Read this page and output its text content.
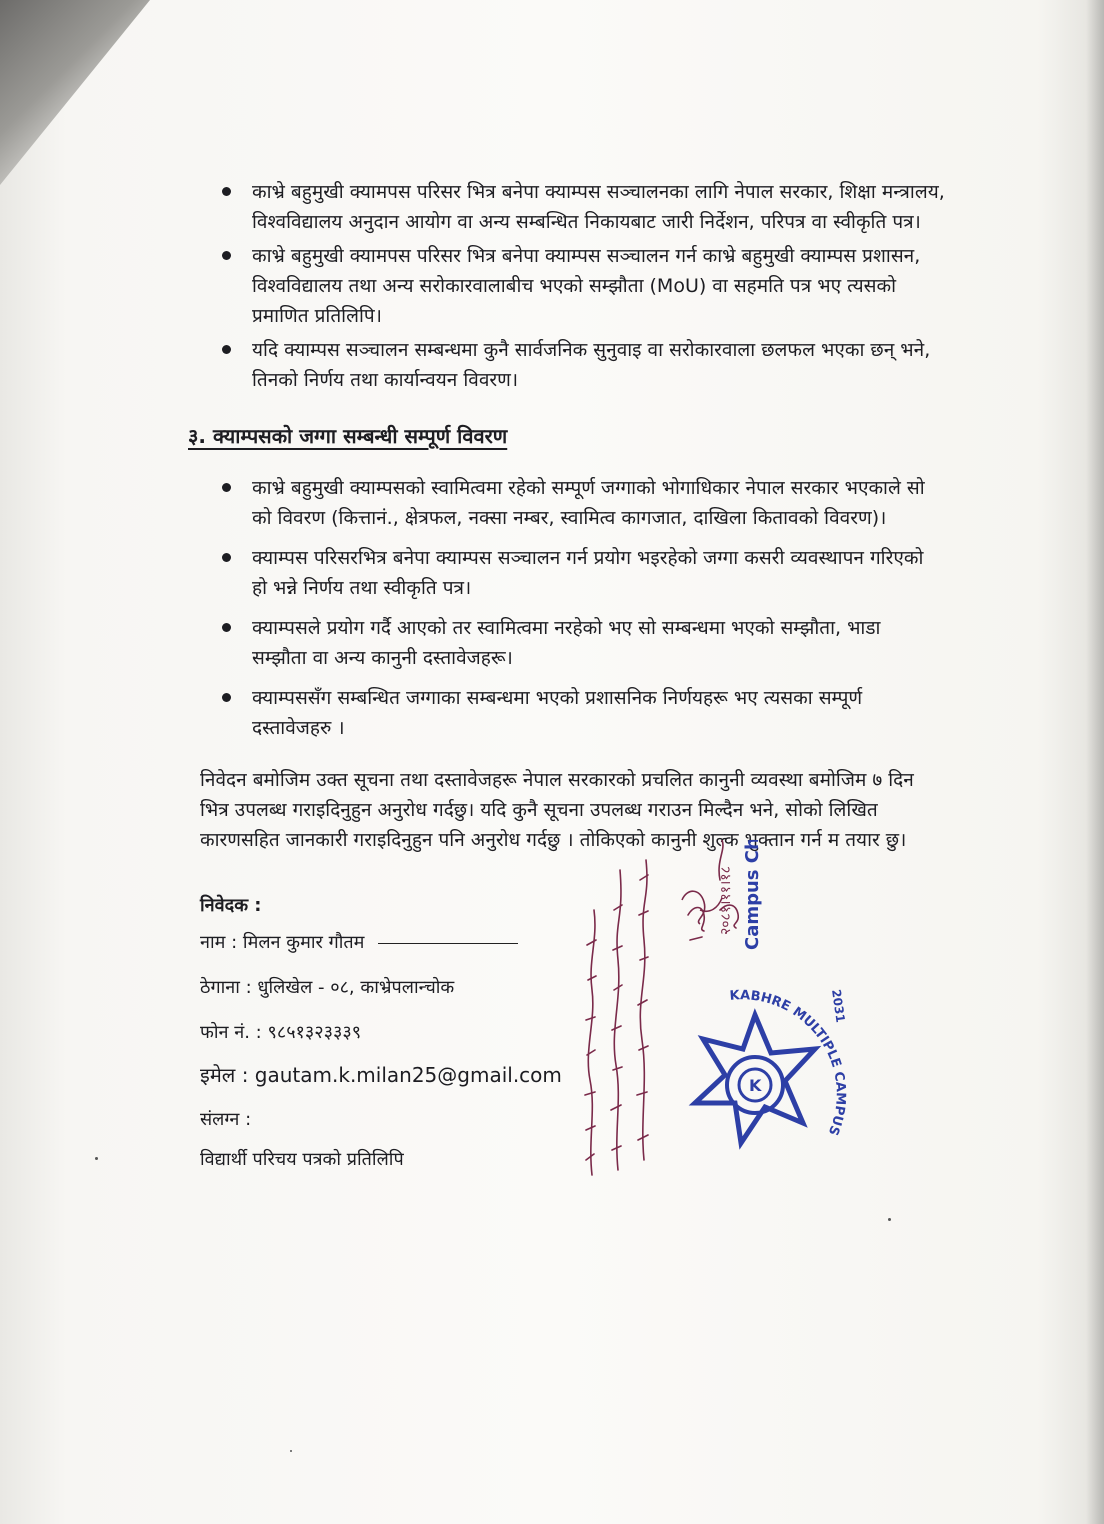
काभ्रे बहुमुखी क्यामपस परिसर भित्र बनेपा क्याम्पस सञ्चालनका लागि नेपाल सरकार, शिक्षा मन्त्रालय, विश्वविद्यालय अनुदान आयोग वा अन्य सम्बन्धित निकायबाट जारी निर्देशन, परिपत्र वा स्वीकृति पत्र।
काभ्रे बहुमुखी क्यामपस परिसर भित्र बनेपा क्याम्पस सञ्चालन गर्न काभ्रे बहुमुखी क्याम्पस प्रशासन, विश्वविद्यालय तथा अन्य सरोकारवालाबीच भएको सम्झौता (MoU) वा सहमति पत्र भए त्यसको प्रमाणित प्रतिलिपि।
यदि क्याम्पस सञ्चालन सम्बन्धमा कुनै सार्वजनिक सुनुवाइ वा सरोकारवाला छलफल भएका छन् भने, तिनको निर्णय तथा कार्यान्वयन विवरण।
३. क्याम्पसको जग्गा सम्बन्धी सम्पूर्ण विवरण
काभ्रे बहुमुखी क्याम्पसको स्वामित्वमा रहेको सम्पूर्ण जग्गाको भोगाधिकार नेपाल सरकार भएकाले सो को विवरण (कित्तानं., क्षेत्रफल, नक्सा नम्बर, स्वामित्व कागजात, दाखिला कितावको विवरण)।
क्याम्पस परिसरभित्र बनेपा क्याम्पस सञ्चालन गर्न प्रयोग भइरहेको जग्गा कसरी व्यवस्थापन गरिएको हो भन्ने निर्णय तथा स्वीकृति पत्र।
क्याम्पसले प्रयोग गर्दै आएको तर स्वामित्वमा नरहेको भए सो सम्बन्धमा भएको सम्झौता, भाडा सम्झौता वा अन्य कानुनी दस्तावेजहरू।
क्याम्पससँग सम्बन्धित जग्गाका सम्बन्धमा भएको प्रशासनिक निर्णयहरू भए त्यसका सम्पूर्ण दस्तावेजहरु ।
निवेदन बमोजिम उक्त सूचना तथा दस्तावेजहरू नेपाल सरकारको प्रचलित कानुनी व्यवस्था बमोजिम ७ दिन भित्र उपलब्ध गराइदिनुहुन अनुरोध गर्दछु। यदि कुनै सूचना उपलब्ध गराउन मिल्दैन भने, सोको लिखित कारणसहित जानकारी गराइदिनुहुन पनि अनुरोध गर्दछु । तोकिएको कानुनी शुल्क भुक्तान गर्न म तयार छु।
निवेदक :
नाम : मिलन कुमार गौतम
ठेगाना : धुलिखेल - ०८, काभ्रेपलान्चोक
फोन नं. : ९८५१३२३३३९
इमेल : gautam.k.milan25@gmail.com
संलग्न :
विद्यार्थी परिचय पत्रको प्रतिलिपि
K
KABHRE MULTIPLE CAMPUS
2031
Campus Chief
२०८१।११।१८
